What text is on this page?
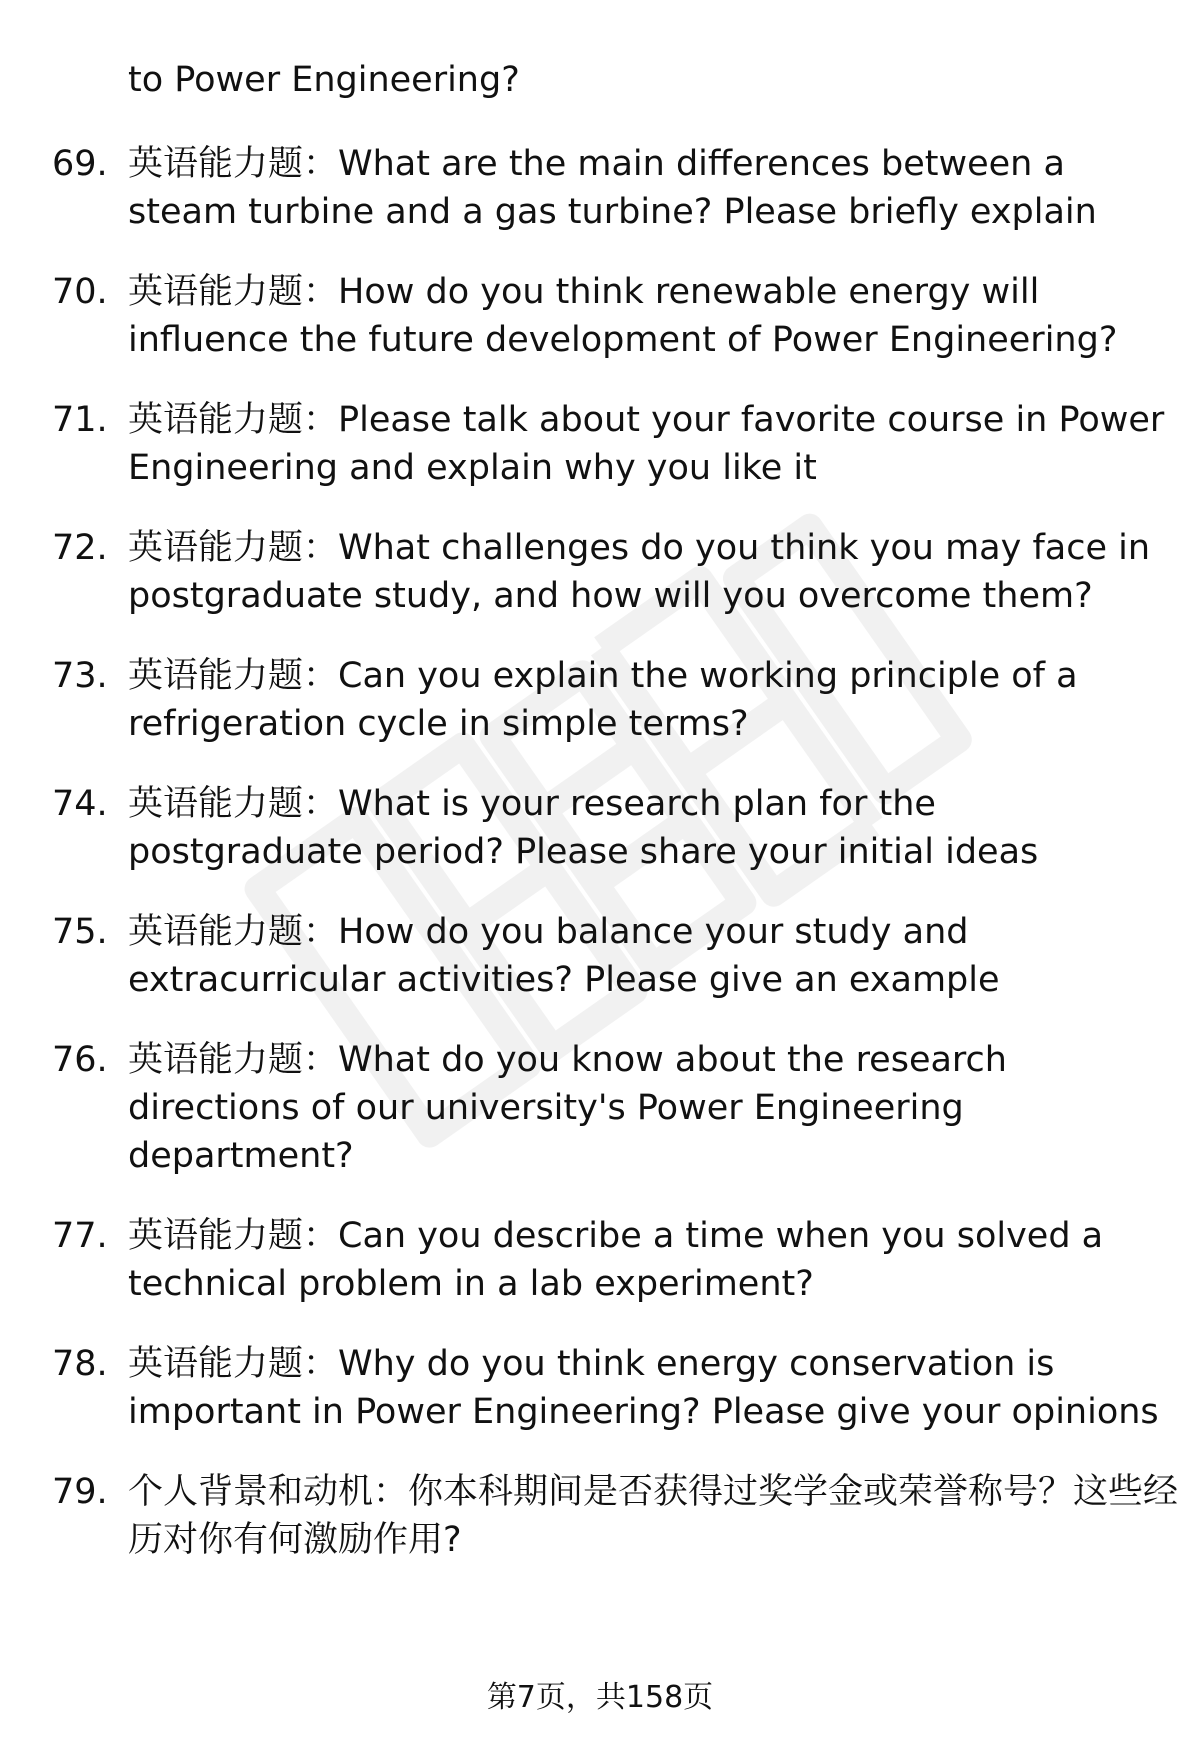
to Power Engineering?

69. 英语能力题：What are the main differences between a steam turbine and a gas turbine? Please briefly explain
70. 英语能力题：How do you think renewable energy will influence the future development of Power Engineering?
71. 英语能力题：Please talk about your favorite course in Power Engineering and explain why you like it
72. 英语能力题：What challenges do you think you may face in postgraduate study, and how will you overcome them?
73. 英语能力题：Can you explain the working principle of a refrigeration cycle in simple terms?
74. 英语能力题：What is your research plan for the postgraduate period? Please share your initial ideas
75. 英语能力题：How do you balance your study and extracurricular activities? Please give an example
76. 英语能力题：What do you know about the research directions of our university's Power Engineering department?
77. 英语能力题：Can you describe a time when you solved a technical problem in a lab experiment?
78. 英语能力题：Why do you think energy conservation is important in Power Engineering? Please give your opinions
79. 个人背景和动机：你本科期间是否获得过奖学金或荣誉称号？这些经历对你有何激励作用?
第7页，共158页
